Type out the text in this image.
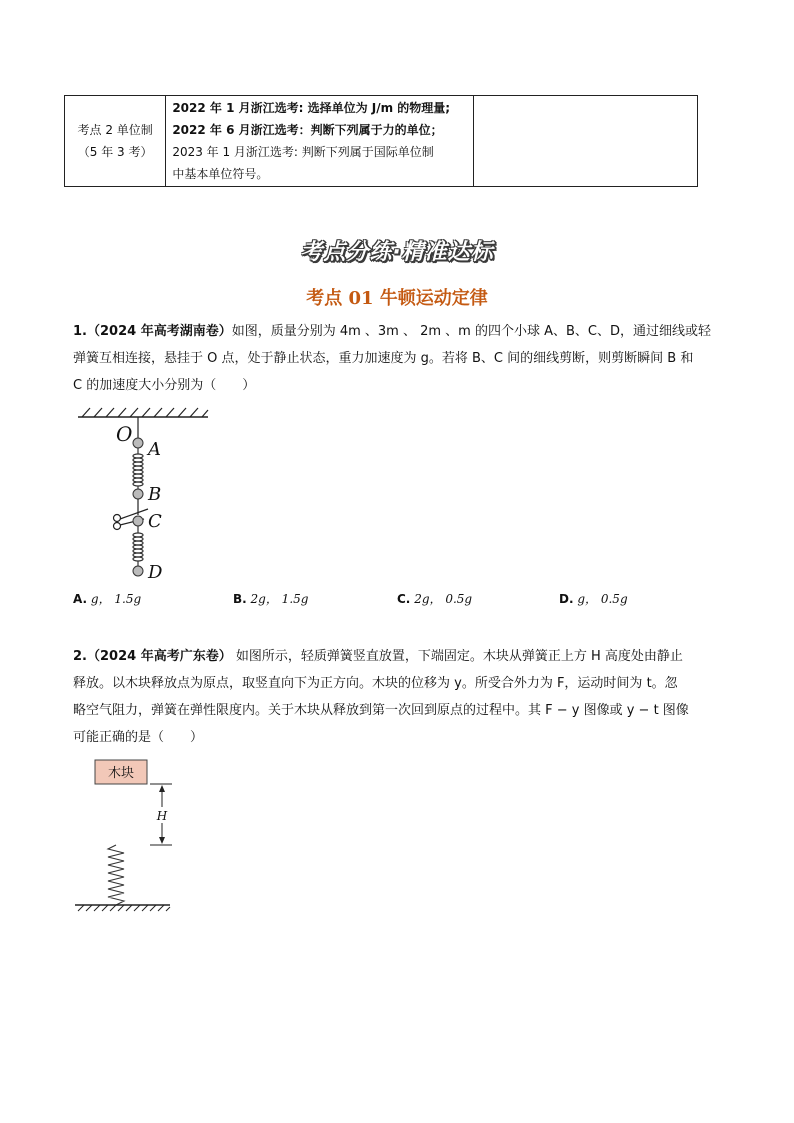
考点 2 单位制
（5 年 3 考）

2022 年 1 月浙江选考: 选择单位为 J/m 的物理量;
2022 年 6 月浙江选考：判断下列属于力的单位；
2023 年 1 月浙江选考: 判断下列属于国际单位制
中基本单位符号。

考点分练·精准达标
考点 01 牛顿运动定律
1.（2024 年高考湖南卷）如图，质量分别为 4m 、3m 、 2m 、m 的四个小球 A、B、C、D，通过细线或轻
弹簧互相连接，悬挂于 O 点，处于静止状态，重力加速度为 g。若将 B、C 间的细线剪断，则剪断瞬间 B 和
C 的加速度大小分别为（　　）
O
A
B
C
D
A. g， 1.5g	B. 2g， 1.5g	C. 2g， 0.5g	D. g， 0.5g
2.（2024 年高考广东卷） 如图所示，轻质弹簧竖直放置，下端固定。木块从弹簧正上方 H 高度处由静止
释放。以木块释放点为原点，取竖直向下为正方向。木块的位移为 y。所受合外力为 F，运动时间为 t。忽
略空气阻力，弹簧在弹性限度内。关于木块从释放到第一次回到原点的过程中。其 F − y 图像或 y − t 图像
可能正确的是（　　）
木块
H
